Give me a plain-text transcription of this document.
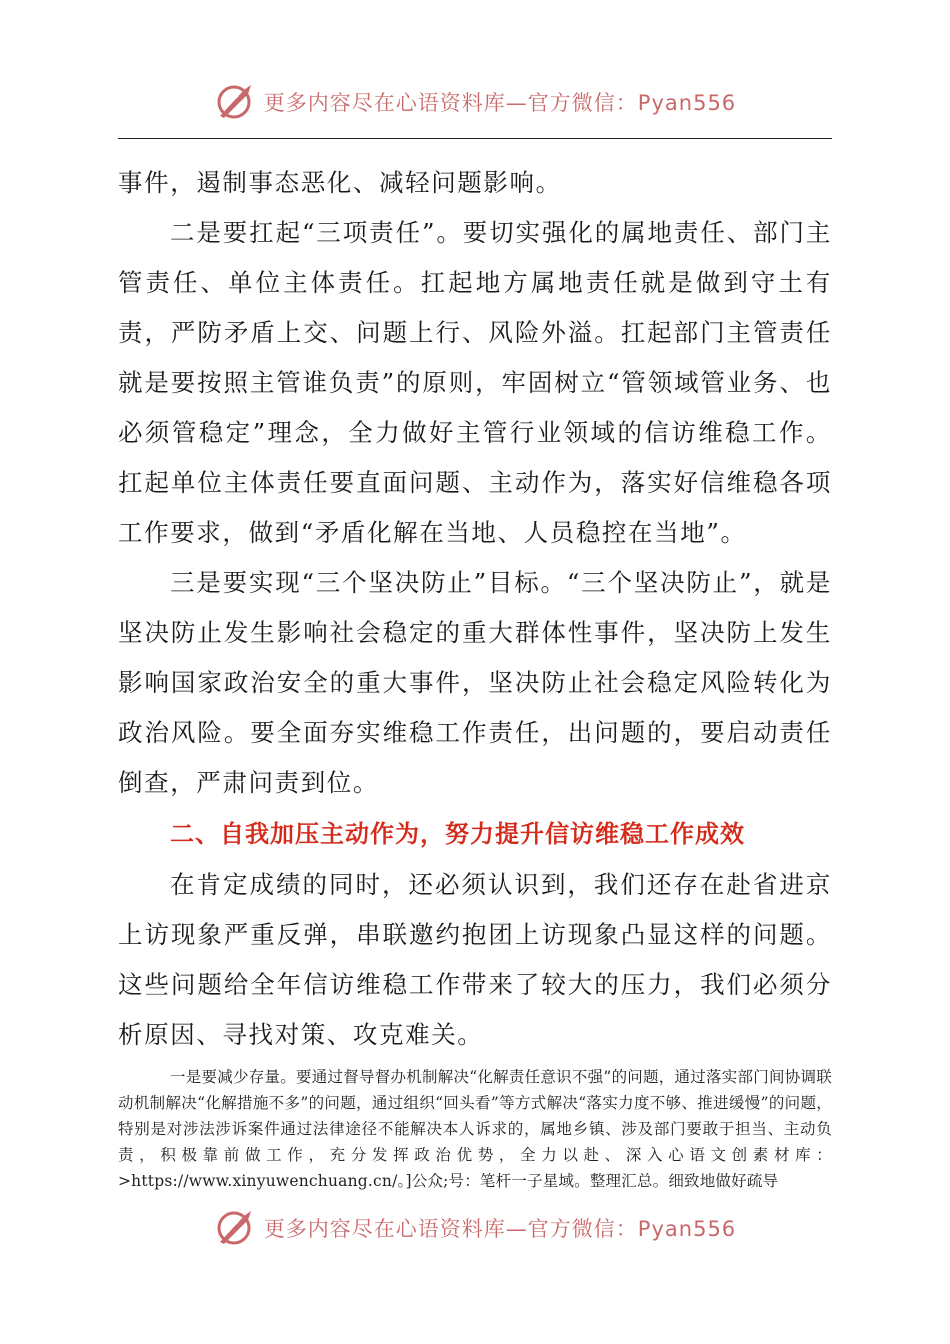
更多内容尽在心语资料库—官方微信：Pyan556

事件，遏制事态恶化、减轻问题影响。

二是要扛起“三项责任”。要切实强化的属地责任、部门主管责任、单位主体责任。扛起地方属地责任就是做到守土有责，严防矛盾上交、问题上行、风险外溢。扛起部门主管责任就是要按照主管谁负责”的原则，牢固树立“管领域管业务、也必须管稳定”理念，全力做好主管行业领域的信访维稳工作。扛起单位主体责任要直面问题、主动作为，落实好信维稳各项工作要求，做到“矛盾化解在当地、人员稳控在当地”。

三是要实现“三个坚决防止”目标。“三个坚决防止”，就是坚决防止发生影响社会稳定的重大群体性事件，坚决防上发生影响国家政治安全的重大事件，坚决防止社会稳定风险转化为政治风险。要全面夯实维稳工作责任，出问题的，要启动责任倒查，严肃问责到位。

二、自我加压主动作为，努力提升信访维稳工作成效

在肯定成绩的同时，还必须认识到，我们还存在赴省进京上访现象严重反弹，串联邀约抱团上访现象凸显这样的问题。这些问题给全年信访维稳工作带来了较大的压力，我们必须分析原因、寻找对策、攻克难关。

一是要减少存量。要通过督导督办机制解决“化解责任意识不强”的问题，通过落实部门间协调联动机制解决“化解措施不多”的问题，通过组织“回头看”等方式解决“落实力度不够、推进缓慢”的问题，特别是对涉法涉诉案件通过法律途径不能解决本人诉求的，属地乡镇、涉及部门要敢于担当、主动负责，积极靠前做工作，充分发挥政治优势，全力以赴、深入心语文创素材库：>https://www.xinyuwenchuang.cn/。]公众;号：笔杆一子星域。整理汇总。细致地做好疏导

更多内容尽在心语资料库—官方微信：Pyan556
